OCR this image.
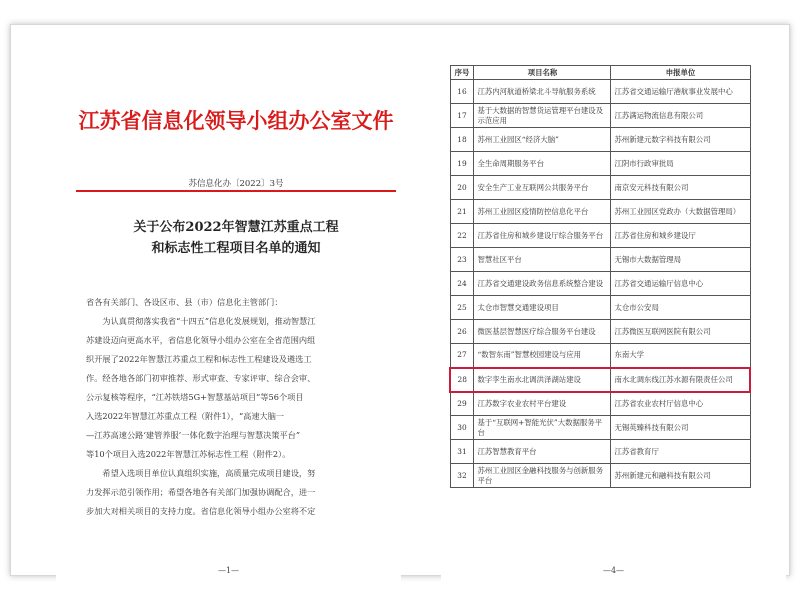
江苏省信息化领导小组办公室文件
苏信息化办〔2022〕3号
关于公布2022年智慧江苏重点工程
和标志性工程项目名单的通知

省各有关部门、各设区市、县（市）信息化主管部门：

为认真贯彻落实我省“十四五”信息化发展规划，推动智慧江

苏建设迈向更高水平，省信息化领导小组办公室在全省范围内组

织开展了2022年智慧江苏重点工程和标志性工程建设及遴选工

作。经各地各部门初审推荐、形式审查、专家评审、综合会审、

公示复核等程序，“江苏铁塔5G+智慧基站项目”等56个项目

入选2022年智慧江苏重点工程（附件1），“高速大脑一

—江苏高速公路‘建管养服’一体化数字治理与智慧决策平台”

等10个项目入选2022年智慧江苏标志性工程（附件2）。

希望入选项目单位认真组织实施，高质量完成项目建设，努

力发挥示范引领作用；希望各地各有关部门加强协调配合，进一

步加大对相关项目的支持力度。省信息化领导小组办公室将不定

—1—
序号	项目名称	申报单位
16	江苏内河航道桥梁北斗导航服务系统	江苏省交通运输厅港航事业发展中心
17	基于大数据的智慧货运管理平台建设及示范应用	江苏满运物流信息有限公司
18	苏州工业园区“经济大脑”	苏州新建元数字科技有限公司
19	全生命周期服务平台	江阴市行政审批局
20	安全生产工业互联网公共服务平台	南京安元科技有限公司
21	苏州工业园区疫情防控信息化平台	苏州工业园区党政办（大数据管理局）
22	江苏省住房和城乡建设厅综合服务平台	江苏省住房和城乡建设厅
23	智慧社区平台	无锡市大数据管理局
24	江苏省交通建设政务信息系统整合建设	江苏省交通运输厅信息中心
25	太仓市智慧交通建设项目	太仓市公安局
26	微医基层智慧医疗综合服务平台建设	江苏微医互联网医院有限公司
27	“数智东南”智慧校园建设与应用	东南大学
28	数字孪生南水北调洪泽湖站建设	南水北调东线江苏水源有限责任公司
29	江苏数字农业农村平台建设	江苏省农业农村厅信息中心
30	基于“互联网+智能光伏”大数据服务平台	无锡英臻科技有限公司
31	江苏智慧教育平台	江苏省教育厅
32	苏州工业园区金融科技服务与创新服务平台	苏州新建元和融科技有限公司
—4—
